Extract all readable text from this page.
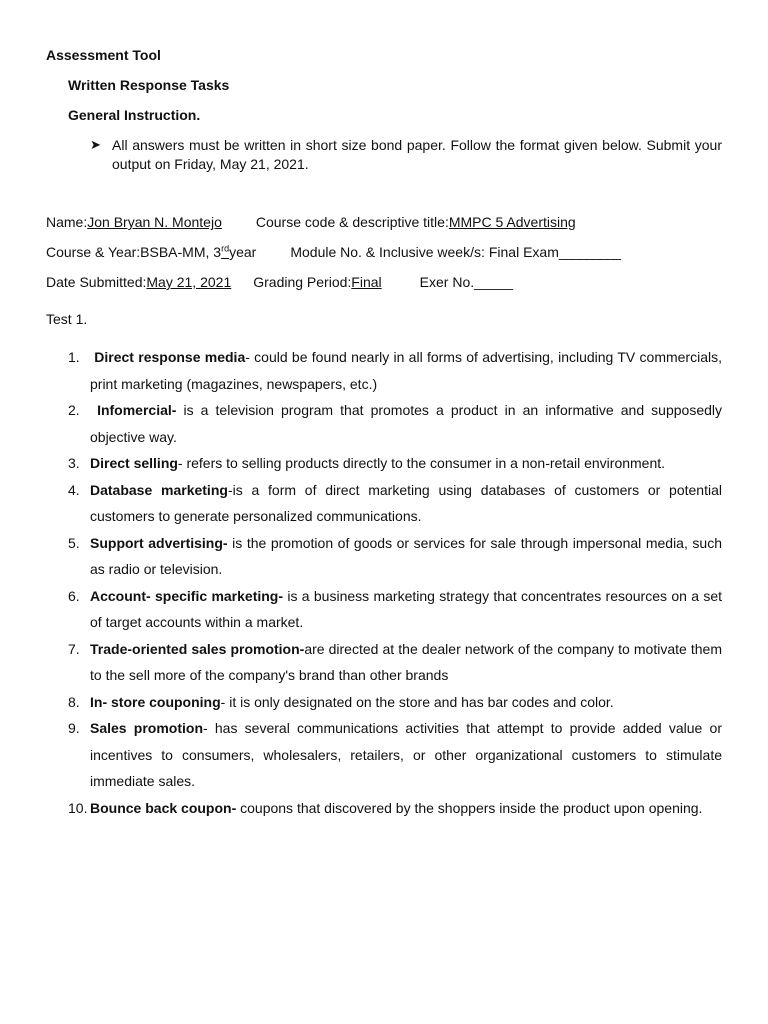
Assessment Tool
Written Response Tasks
General Instruction.
➤ All answers must be written in short size bond paper. Follow the format given below. Submit your output on Friday, May 21, 2021.
Name:Jon Bryan N. Montejo Course code & descriptive title:MMPC 5 Advertising
Course & Year:BSBA-MM, 3rdyear Module No. & Inclusive week/s:Final Exam_________
Date Submitted:May 21, 2021 Grading Period:Final	Exer No._____
Test 1.
1. Direct response media- could be found nearly in all forms of advertising, including TV commercials, print marketing (magazines, newspapers, etc.)
2. Infomercial- is a television program that promotes a product in an informative and supposedly objective way.
3. Direct selling- refers to selling products directly to the consumer in a non-retail environment.
4. Database marketing-is a form of direct marketing using databases of customers or potential customers to generate personalized communications.
5. Support advertising- is the promotion of goods or services for sale through impersonal media, such as radio or television.
6. Account- specific marketing- is a business marketing strategy that concentrates resources on a set of target accounts within a market.
7. Trade-oriented sales promotion-are directed at the dealer network of the company to motivate them to the sell more of the company's brand than other brands
8. In- store couponing- it is only designated on the store and has bar codes and color.
9. Sales promotion- has several communications activities that attempt to provide added value or incentives to consumers, wholesalers, retailers, or other organizational customers to stimulate immediate sales.
10. Bounce back coupon- coupons that discovered by the shoppers inside the product upon opening.
